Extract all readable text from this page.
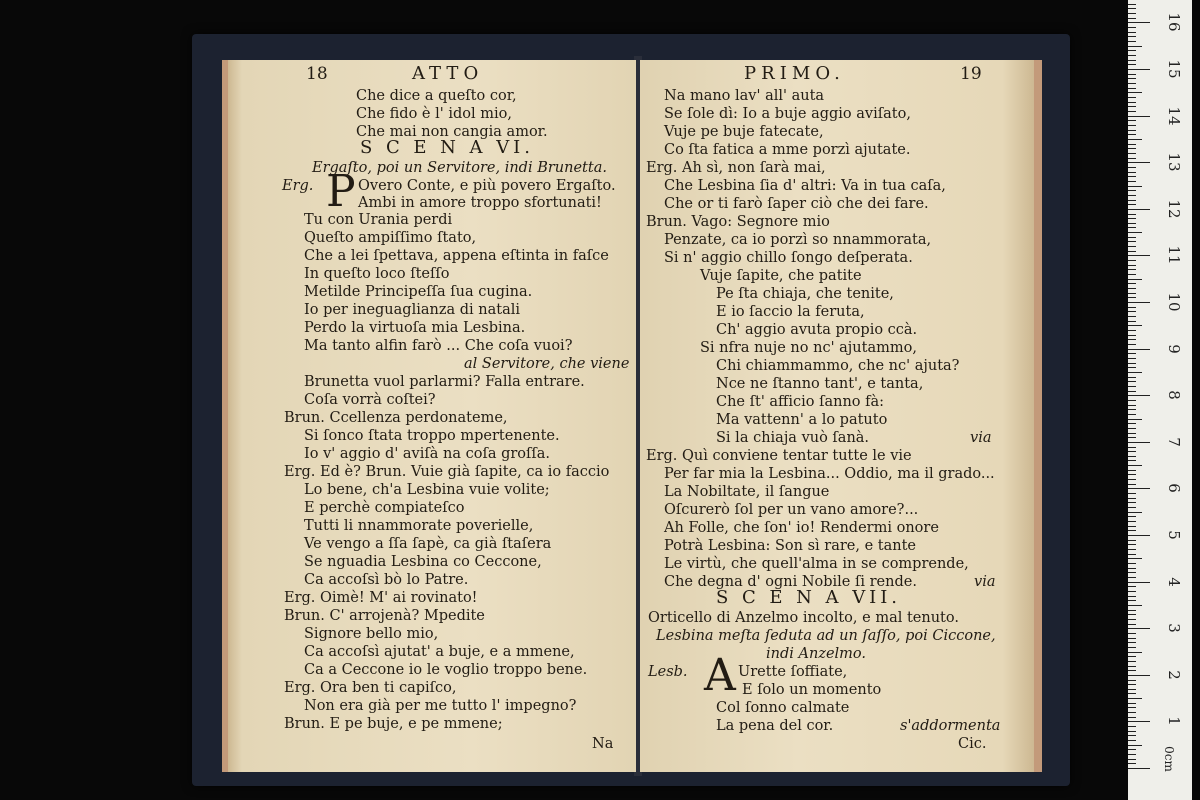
18	ATTO
Che dice a queſto cor,
Che fido è l' idol mio,
Che mai non cangia amor.
S C E N A VI.
Ergaſto, poi un Servitore, indi Brunetta.
Erg. P Overo Conte, e più povero Ergaſto.
Ambi in amore troppo sfortunati!
Tu con Urania perdi
Queſto ampiſſimo ſtato,
Che a lei ſpettava, appena eſtinta in faſce
In queſto loco ſteſſo
Metilde Principeſſa ſua cugina.
Io per ineguaglianza di natali
Perdo la virtuoſa mia Lesbina.
Ma tanto alfin farò ... Che coſa vuoi?
al Servitore, che viene
Brunetta vuol parlarmi? Falla entrare.
Coſa vorrà coſtei?
Brun. Ccellenza perdonateme,
Si ſonco ſtata troppo mpertenente.
Io v' aggio d' aviſà na coſa groſſa.
Erg. Ed è? Brun. Vuie già ſapite, ca io faccio
Lo bene, ch'a Lesbina vuie volite;
E perchè compiateſco
Tutti li nnammorate poverielle,
Ve vengo a ſſa ſapè, ca già ſtaſera
Se nguadia Lesbina co Ceccone,
Ca accoſsì bò lo Patre.
Erg. Oimè! M' ai rovinato!
Brun. C' arrojenà? Mpedite
Signore bello mio,
Ca accoſsì ajutat' a buje, e a mmene,
Ca a Ceccone io le voglio troppo bene.
Erg. Ora ben ti capiſco,
Non era già per me tutto l' impegno?
Brun. E pe buje, e pe mmene;
Na
PRIMO.	19
Na mano lav' all' auta
Se ſole dì: Io a buje aggio aviſato,
Vuje pe buje fatecate,
Co ſta fatica a mme porzì ajutate.
Erg. Ah sì, non ſarà mai,
Che Lesbina ſia d' altri: Va in tua caſa,
Che or ti farò ſaper ciò che dei fare.
Brun. Vago: Segnore mio
Penzate, ca io porzì so nnammorata,
Si n' aggio chillo ſongo deſperata.
Vuje ſapite, che patite
Pe ſta chiaja, che tenite,
E io ſaccio la feruta,
Ch' aggio avuta propio ccà.
Si nfra nuje no nc' ajutammo,
Chi chiammammo, che nc' ajuta?
Nce ne ſtanno tant', e tanta,
Che ſt' afficio ſanno fà:
Ma vattenn' a lo patuto
Si la chiaja vuò ſanà.	via
Erg. Quì conviene tentar tutte le vie
Per far mia la Lesbina... Oddio, ma il grado...
La Nobiltate, il ſangue
Oſcurerò ſol per un vano amore?...
Ah Folle, che ſon' io! Rendermi onore
Potrà Lesbina: Son sì rare, e tante
Le virtù, che quell'alma in se comprende,
Che degna d' ogni Nobile ſi rende.	via
S C E N A VII.
Orticello di Anzelmo incolto, e mal tenuto.
Lesbina meſta ſeduta ad un ſaſſo, poi Ciccone,
indi Anzelmo.
Lesb. A Urette ſoffiate,
E ſolo un momento
Col ſonno calmate
La pena del cor.	s'addormenta
Cic.
1
2
3
4
5
6
7
8
9
10
11
12
13
14
15
16
0cm
